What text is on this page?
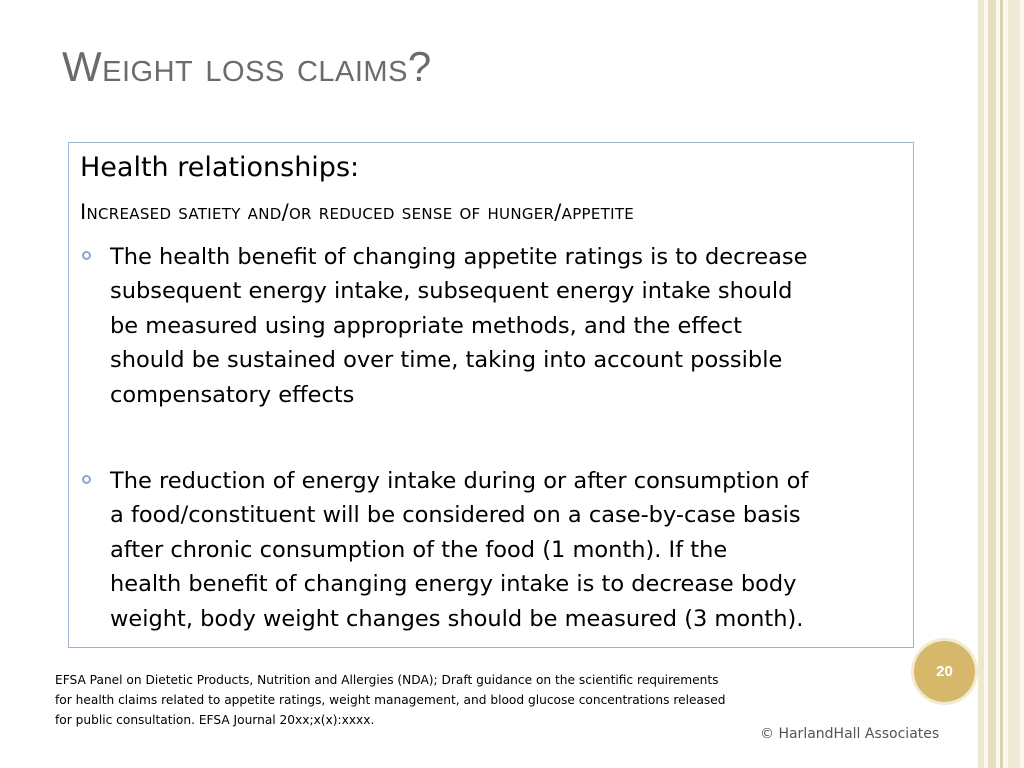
Weight loss claims?
Health relationships:
Increased satiety and/or reduced sense of hunger/appetite
The health benefit of changing appetite ratings is to decrease
subsequent energy intake, subsequent energy intake should
be measured using appropriate methods, and the effect
should be sustained over time, taking into account possible
compensatory effects
The reduction of energy intake during or after consumption of
a food/constituent will be considered on a case-by-case basis
after chronic consumption of the food (1 month). If the
health benefit of changing energy intake is to decrease body
weight, body weight changes should be measured (3 month).
20
EFSA Panel on Dietetic Products, Nutrition and Allergies (NDA); Draft guidance on the scientific requirements
for health claims related to appetite ratings, weight management, and blood glucose concentrations released
for public consultation. EFSA Journal 20xx;x(x):xxxx.
© HarlandHall Associates
